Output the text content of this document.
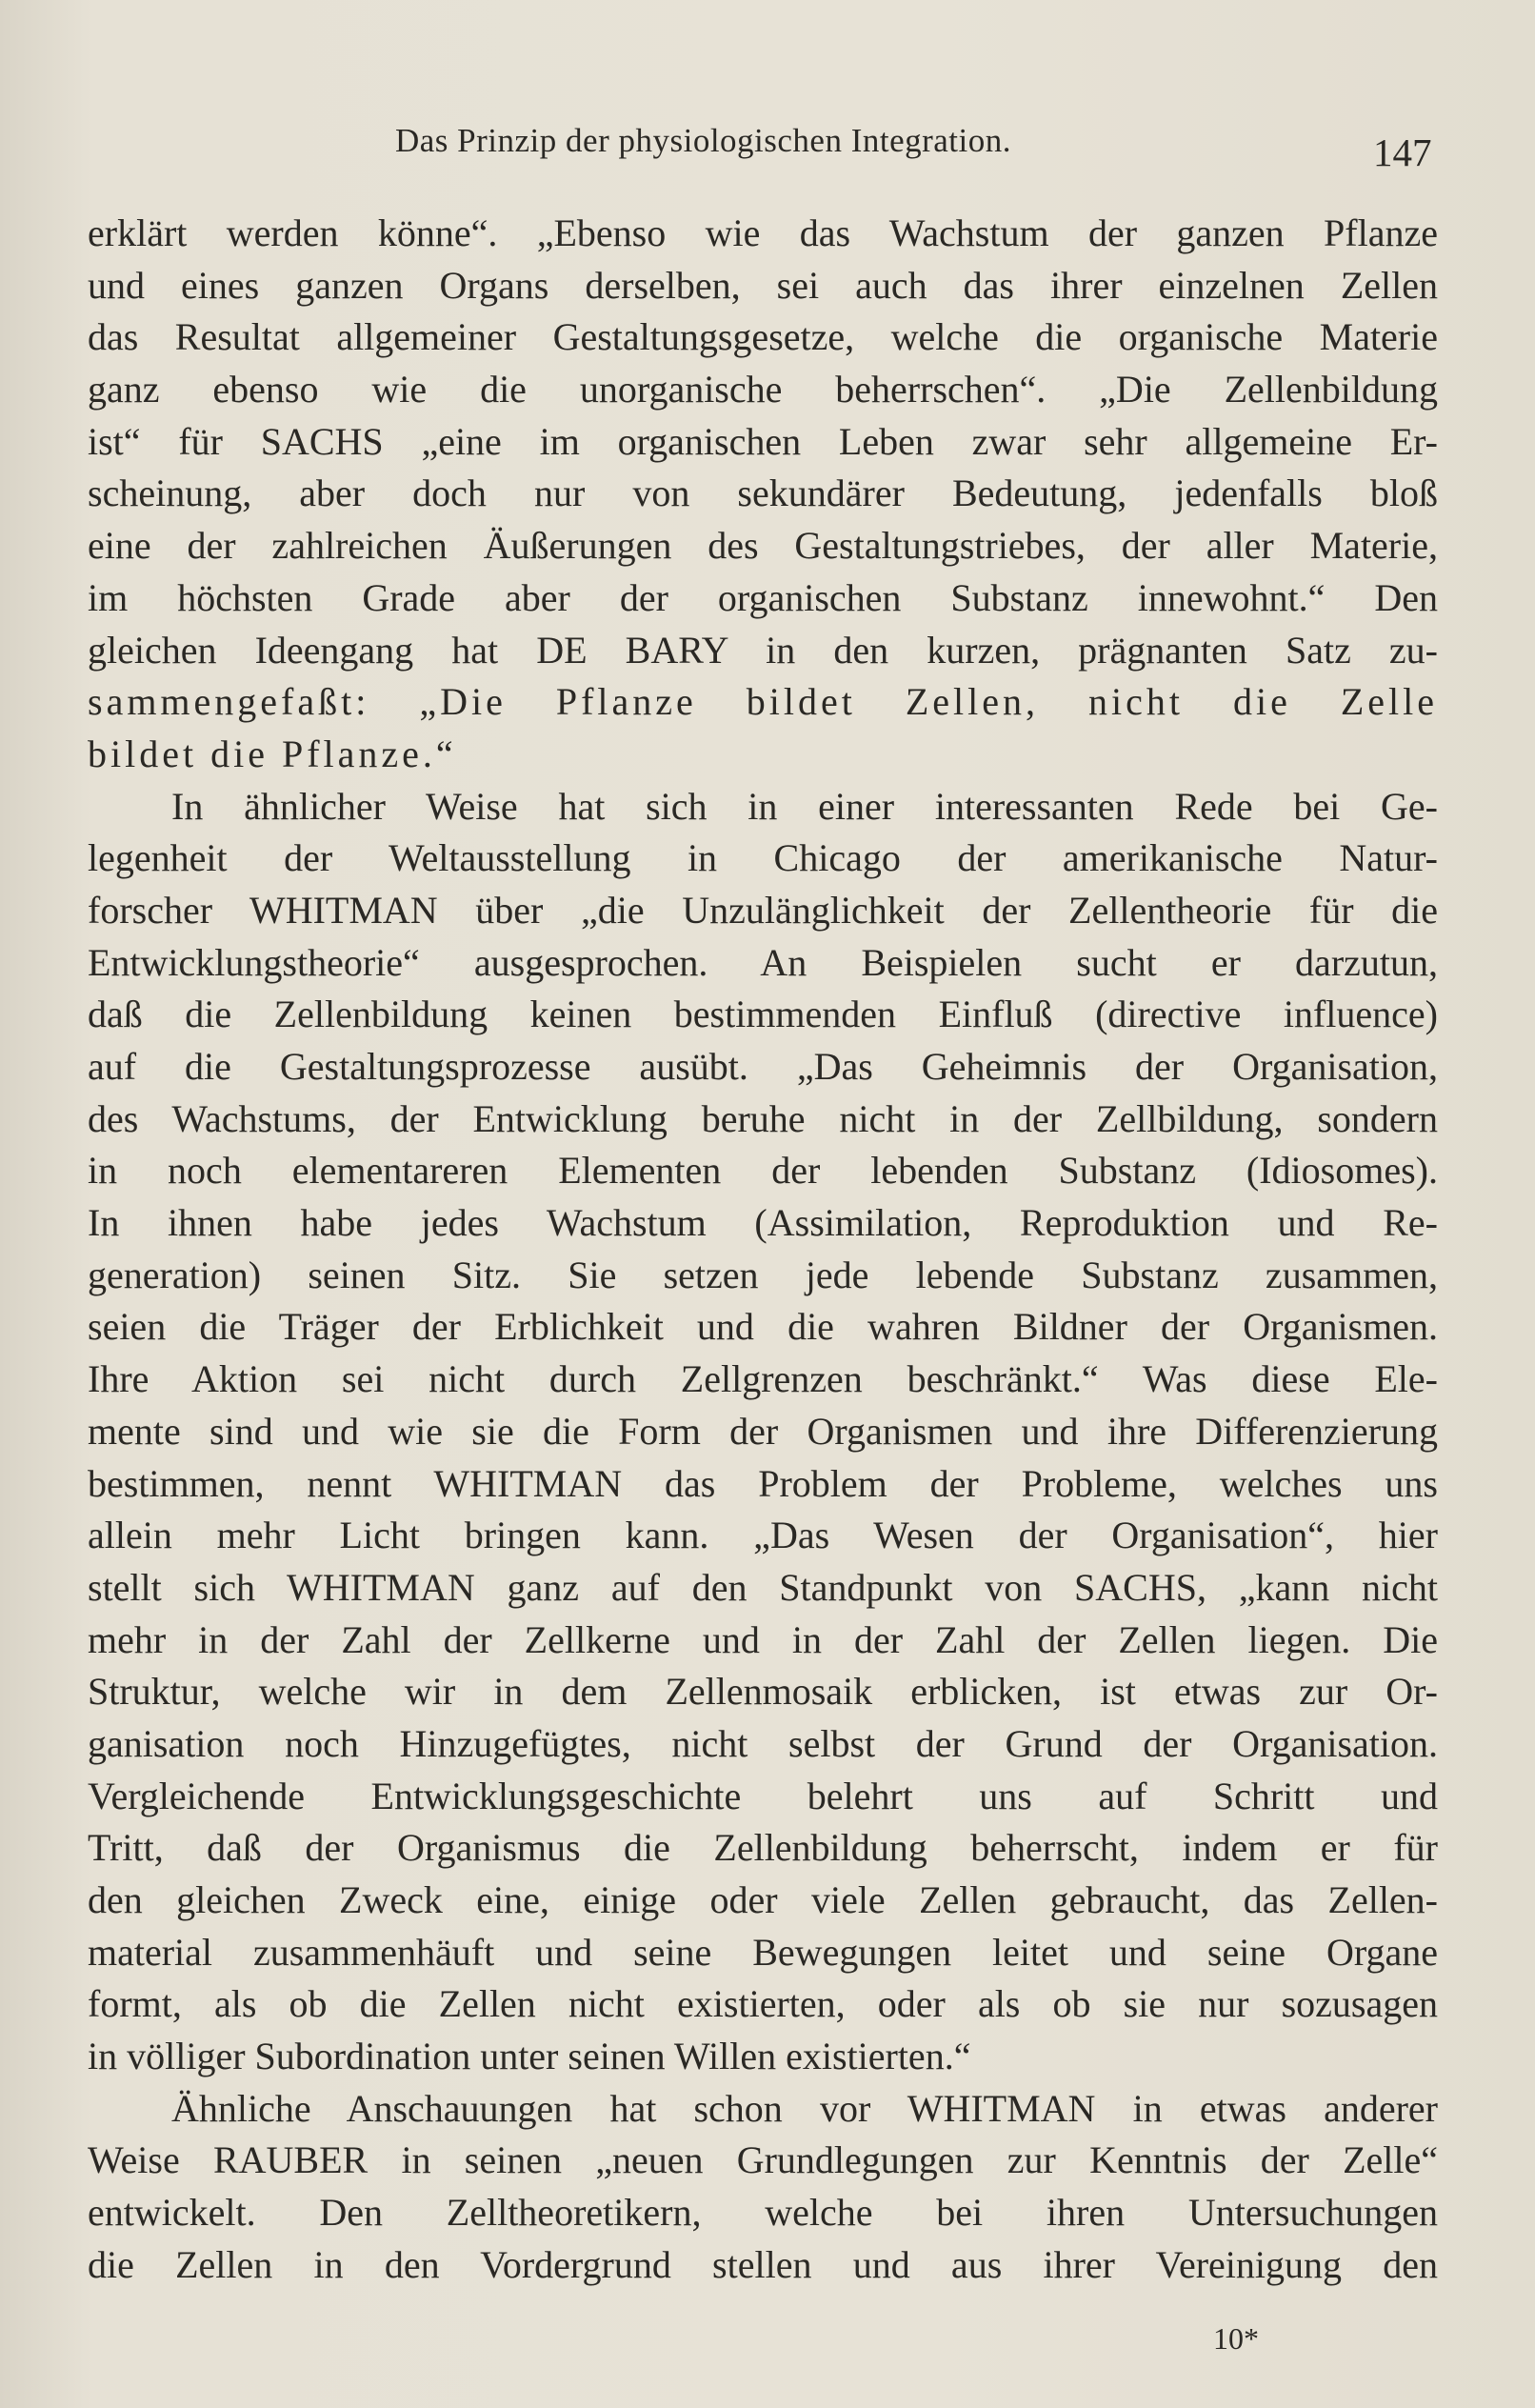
Das Prinzip der physiologischen Integration.	147
erklärt werden könne“. „Ebenso wie das Wachstum der ganzen Pflanze
und eines ganzen Organs derselben, sei auch das ihrer einzelnen Zellen
das Resultat allgemeiner Gestaltungsgesetze, welche die organische Materie
ganz ebenso wie die unorganische beherrschen“. „Die Zellenbildung
ist“ für SACHS „eine im organischen Leben zwar sehr allgemeine Er-
scheinung, aber doch nur von sekundärer Bedeutung, jedenfalls bloß
eine der zahlreichen Äußerungen des Gestaltungstriebes, der aller Materie,
im höchsten Grade aber der organischen Substanz innewohnt.“ Den
gleichen Ideengang hat DE BARY in den kurzen, prägnanten Satz zu-
sammengefaßt: „Die Pflanze bildet Zellen, nicht die Zelle
bildet die Pflanze.“
In ähnlicher Weise hat sich in einer interessanten Rede bei Ge-
legenheit der Weltausstellung in Chicago der amerikanische Natur-
forscher WHITMAN über „die Unzulänglichkeit der Zellentheorie für die
Entwicklungstheorie“ ausgesprochen. An Beispielen sucht er darzutun,
daß die Zellenbildung keinen bestimmenden Einfluß (directive influence)
auf die Gestaltungsprozesse ausübt. „Das Geheimnis der Organisation,
des Wachstums, der Entwicklung beruhe nicht in der Zellbildung, sondern
in noch elementareren Elementen der lebenden Substanz (Idiosomes).
In ihnen habe jedes Wachstum (Assimilation, Reproduktion und Re-
generation) seinen Sitz. Sie setzen jede lebende Substanz zusammen,
seien die Träger der Erblichkeit und die wahren Bildner der Organismen.
Ihre Aktion sei nicht durch Zellgrenzen beschränkt.“ Was diese Ele-
mente sind und wie sie die Form der Organismen und ihre Differenzierung
bestimmen, nennt WHITMAN das Problem der Probleme, welches uns
allein mehr Licht bringen kann. „Das Wesen der Organisation“, hier
stellt sich WHITMAN ganz auf den Standpunkt von SACHS, „kann nicht
mehr in der Zahl der Zellkerne und in der Zahl der Zellen liegen. Die
Struktur, welche wir in dem Zellenmosaik erblicken, ist etwas zur Or-
ganisation noch Hinzugefügtes, nicht selbst der Grund der Organisation.
Vergleichende Entwicklungsgeschichte belehrt uns auf Schritt und
Tritt, daß der Organismus die Zellenbildung beherrscht, indem er für
den gleichen Zweck eine, einige oder viele Zellen gebraucht, das Zellen-
material zusammenhäuft und seine Bewegungen leitet und seine Organe
formt, als ob die Zellen nicht existierten, oder als ob sie nur sozusagen
in völliger Subordination unter seinen Willen existierten.“
Ähnliche Anschauungen hat schon vor WHITMAN in etwas anderer
Weise RAUBER in seinen „neuen Grundlegungen zur Kenntnis der Zelle“
entwickelt. Den Zelltheoretikern, welche bei ihren Untersuchungen
die Zellen in den Vordergrund stellen und aus ihrer Vereinigung den
10*
